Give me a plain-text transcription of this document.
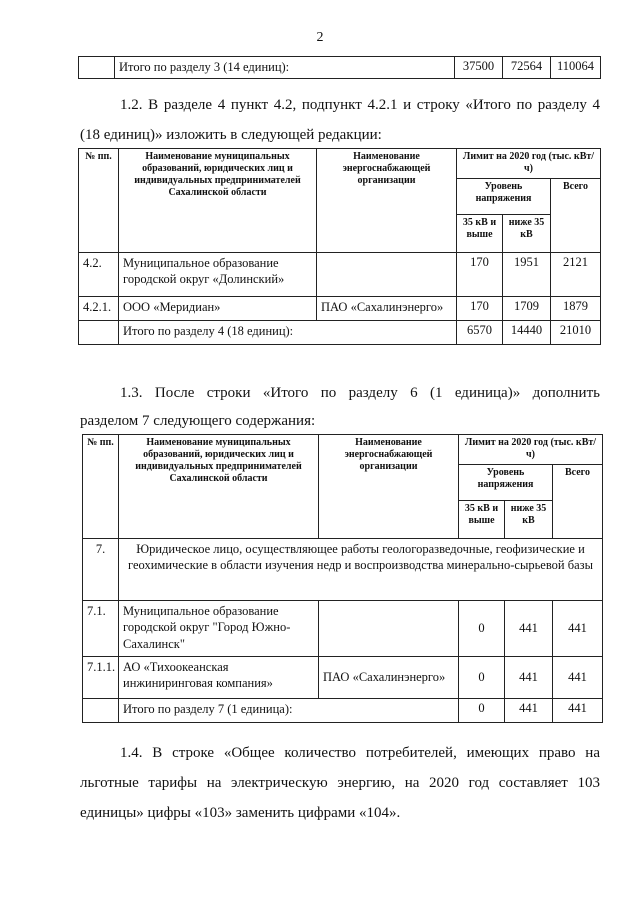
2
	Итого по разделу 3 (14 единиц):	37500	72564	110064
1.2. В разделе 4 пункт 4.2, подпункт 4.2.1 и строку «Итого по разделу 4
(18 единиц)» изложить в следующей редакции:
№ пп.	Наименование муниципальных образований, юридических лиц и индивидуальных предпринимателей Сахалинской области	Наименование энергоснабжающей организации	Лимит на 2020 год (тыс. кВт/ч)		
			Уровень напряжения		Всего
			35 кВ и выше	ниже 35 кВ	
4.2.	Муниципальное образование городской округ «Долинский»		170	1951	2121
4.2.1.	ООО «Меридиан»	ПАО «Сахалинэнерго»	170	1709	1879
	Итого по разделу 4 (18 единиц):		6570	14440	21010
1.3. После строки «Итого по разделу 6 (1 единица)» дополнить
разделом 7 следующего содержания:
№ пп.	Наименование муниципальных образований, юридических лиц и индивидуальных предпринимателей Сахалинской области	Наименование энергоснабжающей организации	Лимит на 2020 год (тыс. кВт/ч)		
			Уровень напряжения		Всего
			35 кВ и выше	ниже 35 кВ	
7.	Юридическое лицо, осуществляющее работы геологоразведочные, геофизические и геохимические в области изучения недр и воспроизводства минерально-сырьевой базы				
7.1.	Муниципальное образование городской округ "Город Южно-Сахалинск"		0	441	441
7.1.1.	АО «Тихоокеанская инжиниринговая компания»	ПАО «Сахалинэнерго»	0	441	441
	Итого по разделу 7 (1 единица):		0	441	441
1.4. В строке «Общее количество потребителей, имеющих право на
льготные тарифы на электрическую энергию, на 2020 год составляет 103
единицы» цифры «103» заменить цифрами «104».
